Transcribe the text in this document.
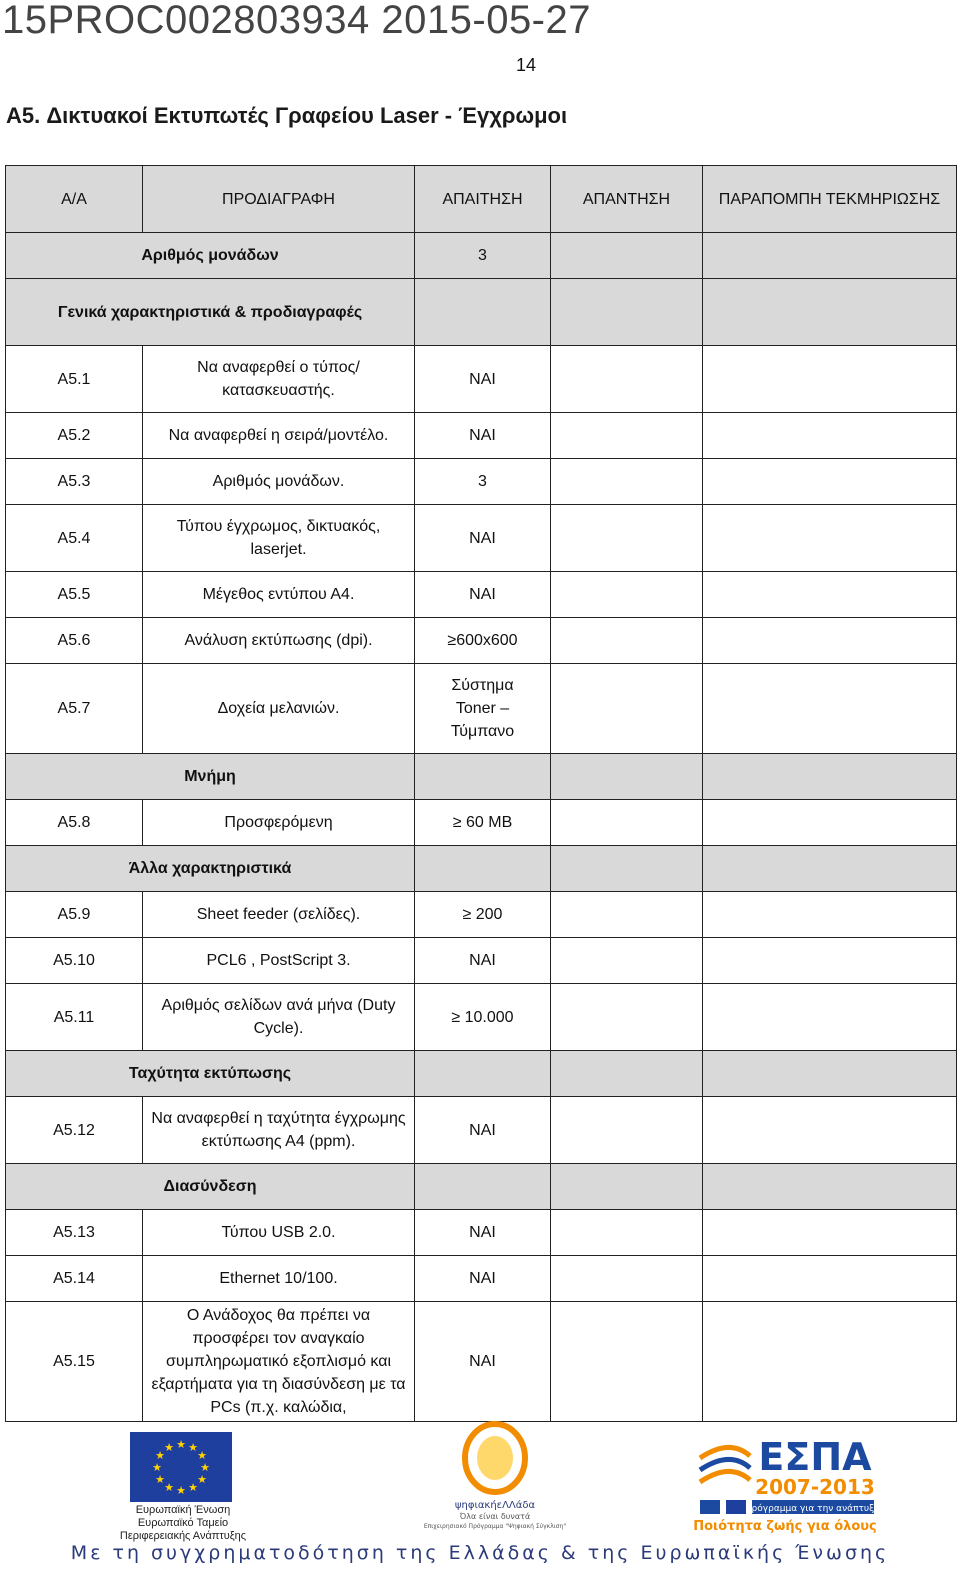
15PROC002803934 2015-05-27
14
A5. Δικτυακοί Εκτυπωτές Γραφείου Laser - Έγχρωμοι
Α/Α	ΠΡΟΔΙΑΓΡΑΦΗ	ΑΠΑΙΤΗΣΗ	ΑΠΑΝΤΗΣΗ	ΠΑΡΑΠΟΜΠΗ ΤΕΚΜΗΡΙΩΣΗΣ
Αριθμός μονάδων		3		
Γενικά χαρακτηριστικά & προδιαγραφές				
A5.1	Να αναφερθεί ο τύπος/κατασκευαστής.	ΝΑΙ		
A5.2	Να αναφερθεί η σειρά/μοντέλο.	ΝΑΙ		
A5.3	Αριθμός μονάδων.	3		
A5.4	Τύπου έγχρωμος, δικτυακός, laserjet.	ΝΑΙ		
A5.5	Μέγεθος εντύπου Α4.	ΝΑΙ		
A5.6	Ανάλυση εκτύπωσης (dpi).	≥600x600		
A5.7	Δοχεία μελανιών.	Σύστημα Toner – Τύμπανο		
Μνήμη				
A5.8	Προσφερόμενη	≥ 60 MB		
Άλλα χαρακτηριστικά				
A5.9	Sheet feeder (σελίδες).	≥ 200		
A5.10	PCL6 , PostScript 3.	ΝΑΙ		
A5.11	Αριθμός σελίδων ανά μήνα (Duty Cycle).	≥ 10.000		
Ταχύτητα εκτύπωσης				
A5.12	Να αναφερθεί η ταχύτητα έγχρωμης εκτύπωσης Α4 (ppm).	ΝΑΙ		
Διασύνδεση				
A5.13	Τύπου USB 2.0.	ΝΑΙ		
A5.14	Ethernet 10/100.	ΝΑΙ		
A5.15	Ο Ανάδοχος θα πρέπει να προσφέρει τον αναγκαίο συμπληρωματικό εξοπλισμό και εξαρτήματα για τη διασύνδεση με τα PCs (π.χ. καλώδια,	ΝΑΙ		
★ ★
★
★
★
★
★
★
★
★
★
★
Ευρωπαϊκή Ένωση Ευρωπαϊκό Ταμείο Περιφερειακής Ανάπτυξης
ψηφιακήεΛΛάδα
Όλα είναι δυνατά
Επιχειρησιακό Πρόγραμμα "Ψηφιακή Σύγκλιση"
ΕΣΠΑ
2007-2013
πρόγραμμα για την ανάπτυξη
Ποιότητα ζωής για όλους
Με τη συγχρηματοδότηση της Ελλάδας & της Ευρωπαϊκής Ένωσης
